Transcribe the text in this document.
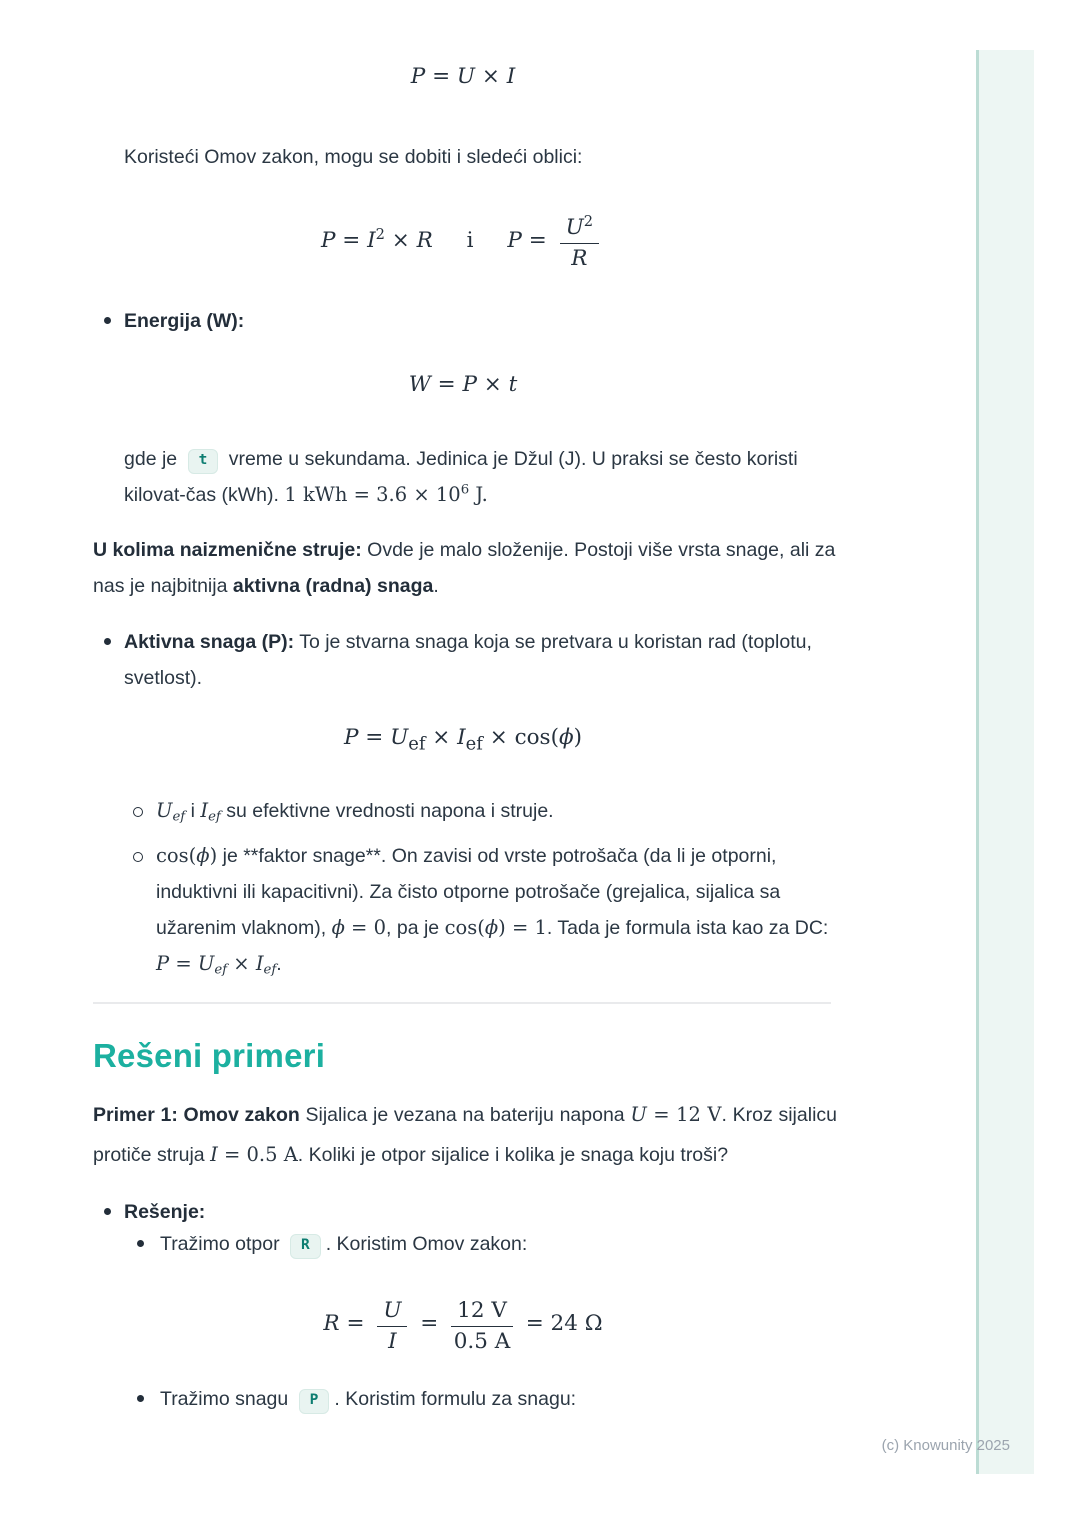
P = U × I
Koristeći Omov zakon, mogu se dobiti i sledeći oblici:
$P = I^2 \times R$ i $P = \frac{U^2}{R}$
Energija (W):
W = P × t
gde je t vreme u sekundama. Jedinica je Džul (J). U praksi se često koristi kilovat-čas (kWh). 1 kWh = $3.6 \times 10^6$ J.
U kolima naizmenične struje: Ovde je malo složenije. Postoji više vrsta snage, ali za nas je najbitnija aktivna (radna) snaga.
Aktivna snaga (P): To je stvarna snaga koja se pretvara u koristan rad (toplotu, svetlost).
$P = U_{ef} \times I_{ef} \times \cos(\phi)$
$U_{ef}$ i $I_{ef}$ su efektivne vrednosti napona i struje.
cos(ϕ) je **faktor snage**. On zavisi od vrste potrošača (da li je otporni, induktivni ili kapacitivni). Za čisto otporne potrošače (grejalica, sijalica sa užarenim vlaknom), ϕ = 0, pa je cos(ϕ) = 1. Tada je formula ista kao za DC: $P = U_{ef} \times I_{ef}$.
Rešeni primeri
Primer 1: Omov zakon Sijalica je vezana na bateriju napona U = 12 V. Kroz sijalicu protiče struja I = 0.5 A. Koliki je otpor sijalice i kolika je snaga koju troši?
Rešenje:
Tražimo otpor R . Koristim Omov zakon:
$R = \frac{U}{I} = \frac{12 V}{0.5 A} = 24$ Ω
Tražimo snagu P . Koristim formulu za snagu:
(c) Knowunity 2025
